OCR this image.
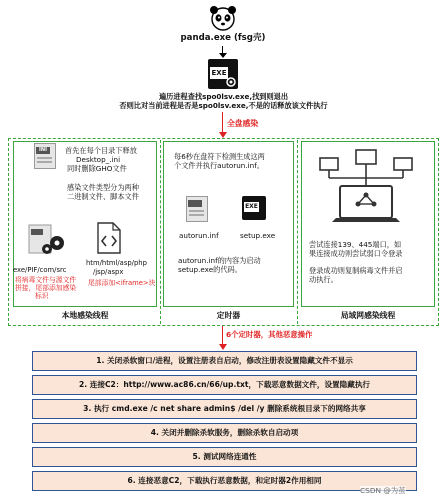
panda.exe (fsg壳)
EXE
遍历进程查找spo0lsv.exe,找到则退出
否则比对当前进程是否是spo0lsv.exe,不是的话释放该文件执行
全盘感染
INI	首先在每个目录下释放
Desktop_.ini
同时删除GHO文件
感染文件类型分为两种
二进制文件、脚本文件
exe/PIF/com/src
将病毒文件与源文件
拼接，尾部添加感染
标识
htm/html/asp/php
/jsp/aspx
尾部添加<iframe>块
本地感染线程
每6秒在盘符下检测生成这两
个文件并执行autorun.inf。
EXE
autorun.inf	setup.exe
autorun.inf的内容为启动
setup.exe的代码。
定时器
尝试连接139、445端口，如
果连接成功则尝试弱口令登录
登录成功则复制病毒文件并启
动执行。
局域网感染线程
6个定时器，其他恶意操作
1. 关闭杀软窗口/进程，设置注册表自启动，修改注册表设置隐藏文件不显示
2. 连接C2：http://www.ac86.cn/66/up.txt，下载恶意数据文件，设置隐藏执行
3. 执行 cmd.exe /c net share admin$ /del /y 删除系统根目录下的网络共享
4. 关闭并删除杀软服务，删除杀软自启动项
5. 测试网络连通性
6. 连接恶意C2，下载执行恶意数据，和定时器2作用相同
CSDN @为茧
